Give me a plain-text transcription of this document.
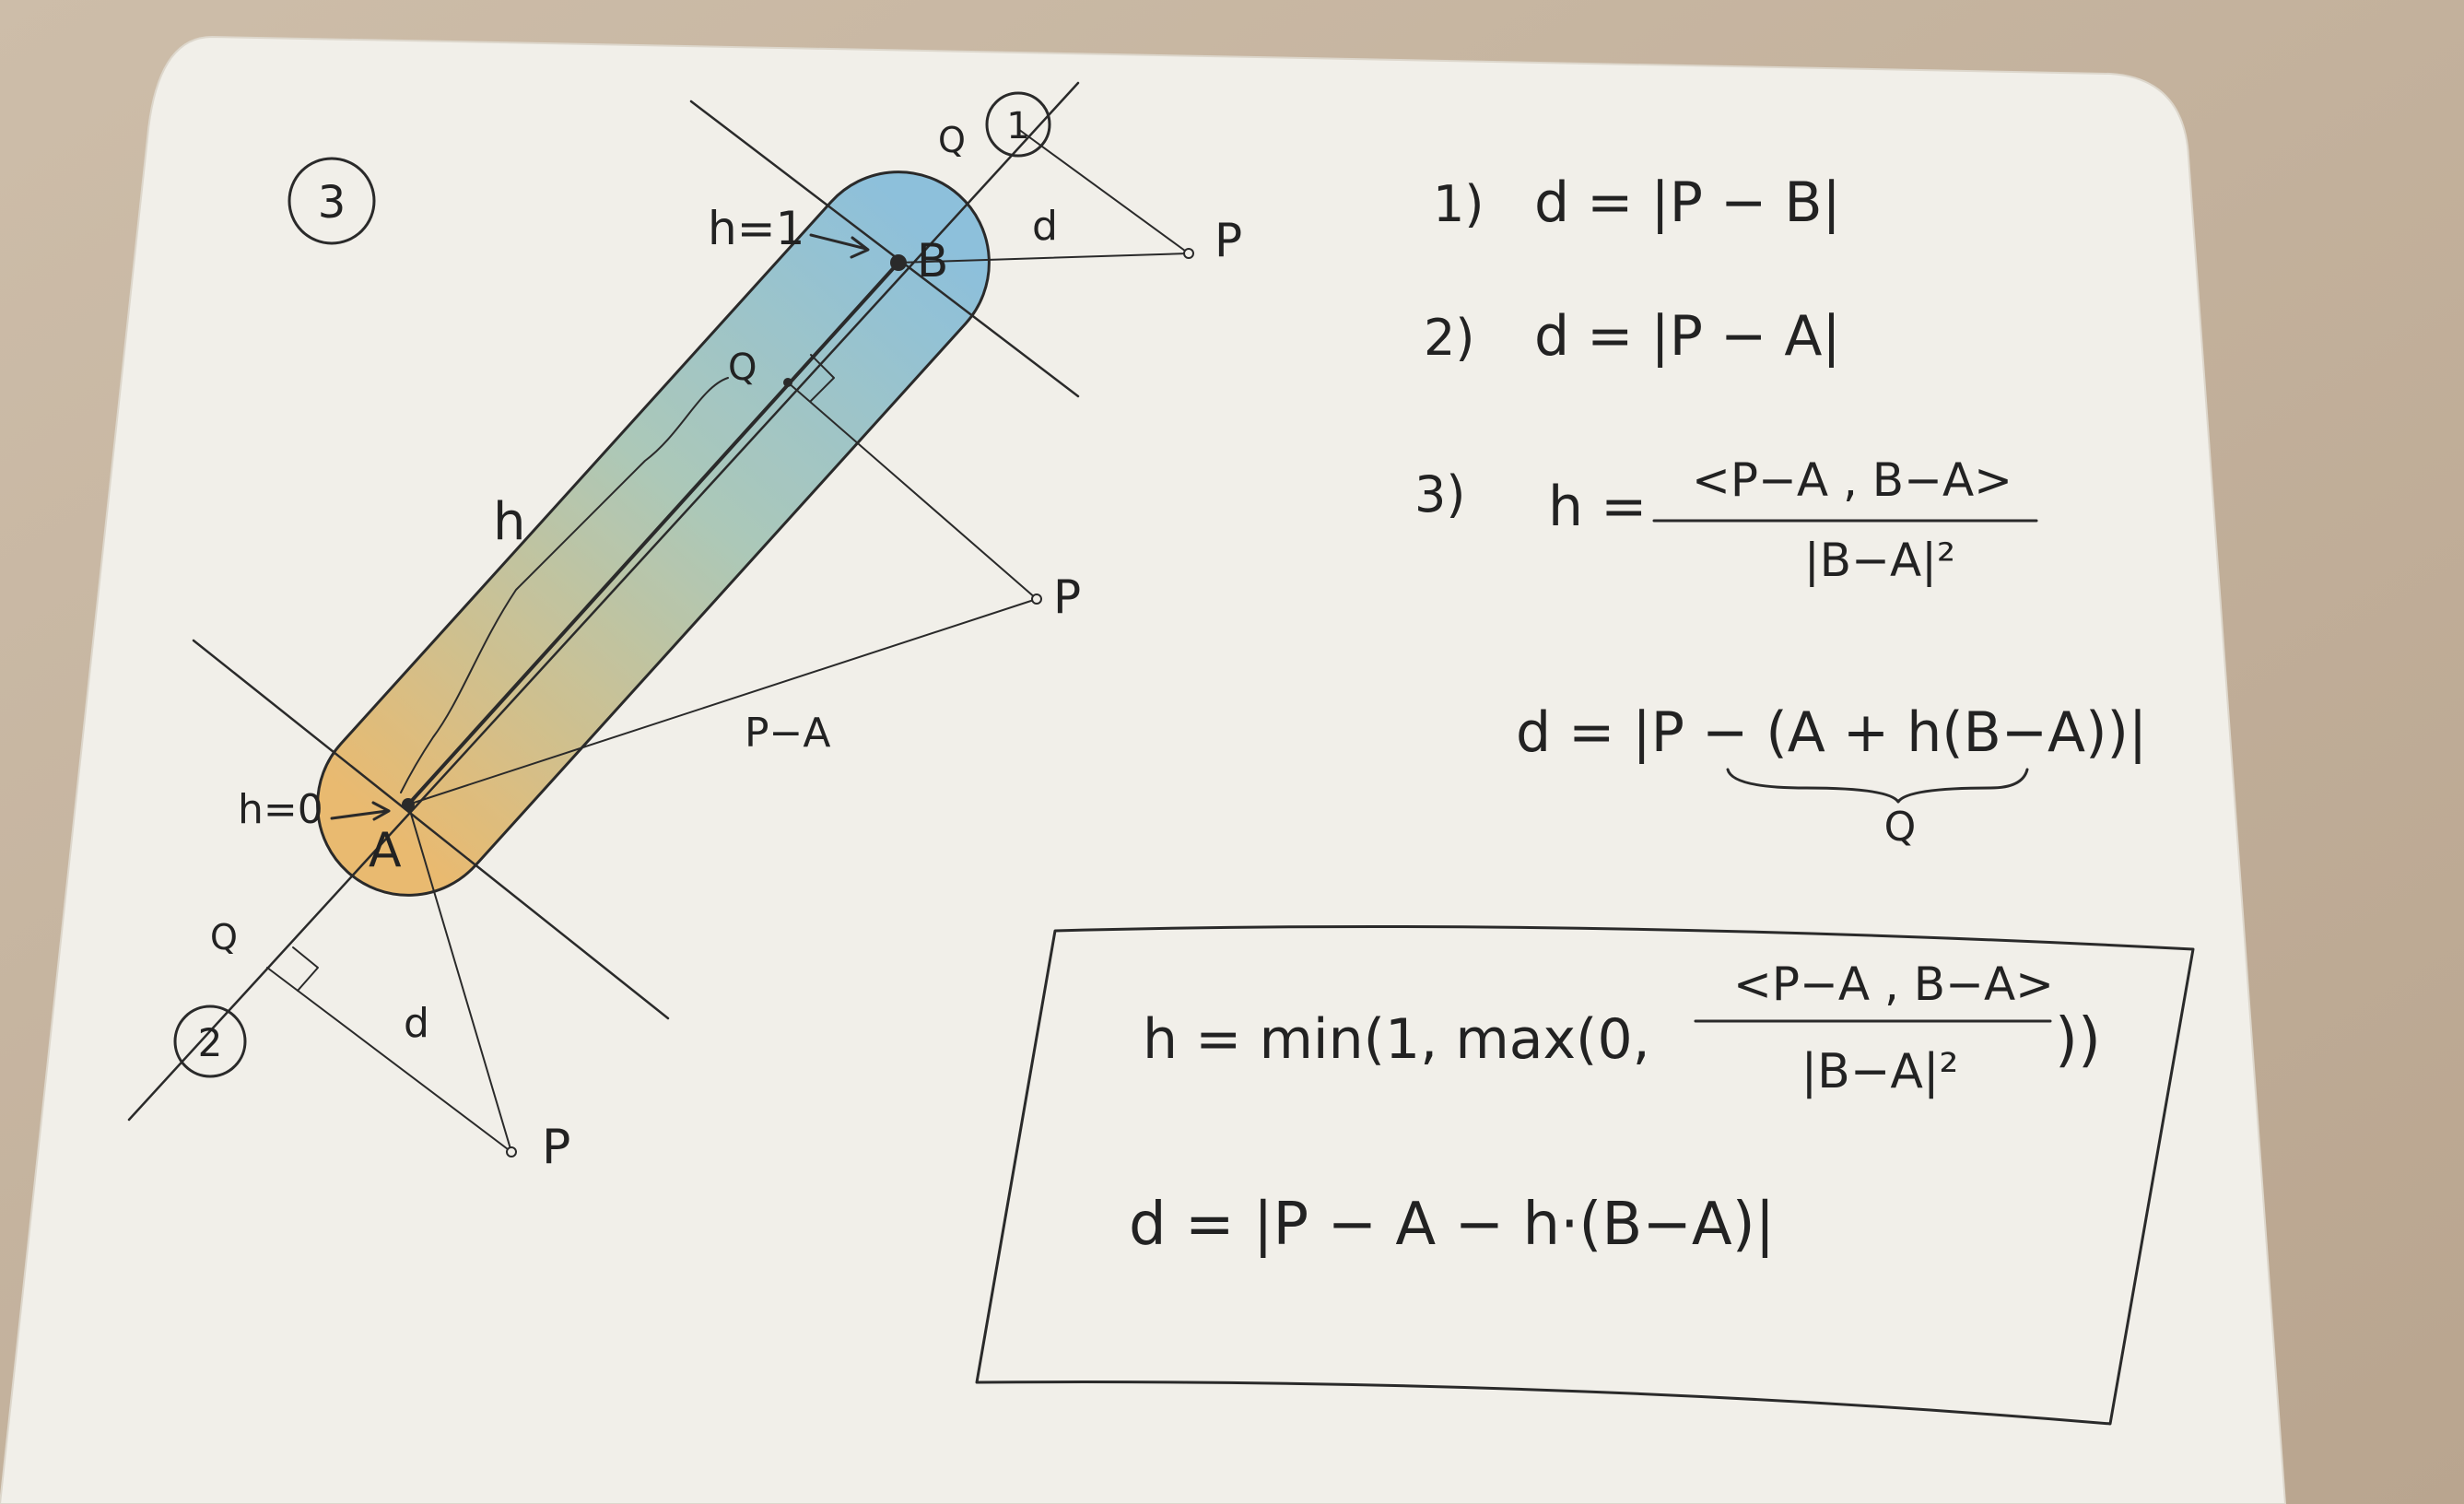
3
1
2
h=1
B
d	P
Q
Q
P
P−A
h
h=0
A
Q
d
P
1) d = |P − B|
2) d = |P − A|
3) h = <P−A , B−A>
|B−A|²
d = |P − (A + h(B−A))|
Q
h = min(1, max(0,
<P−A , B−A>
|B−A|² ))
d = |P − A − h·(B−A)|
